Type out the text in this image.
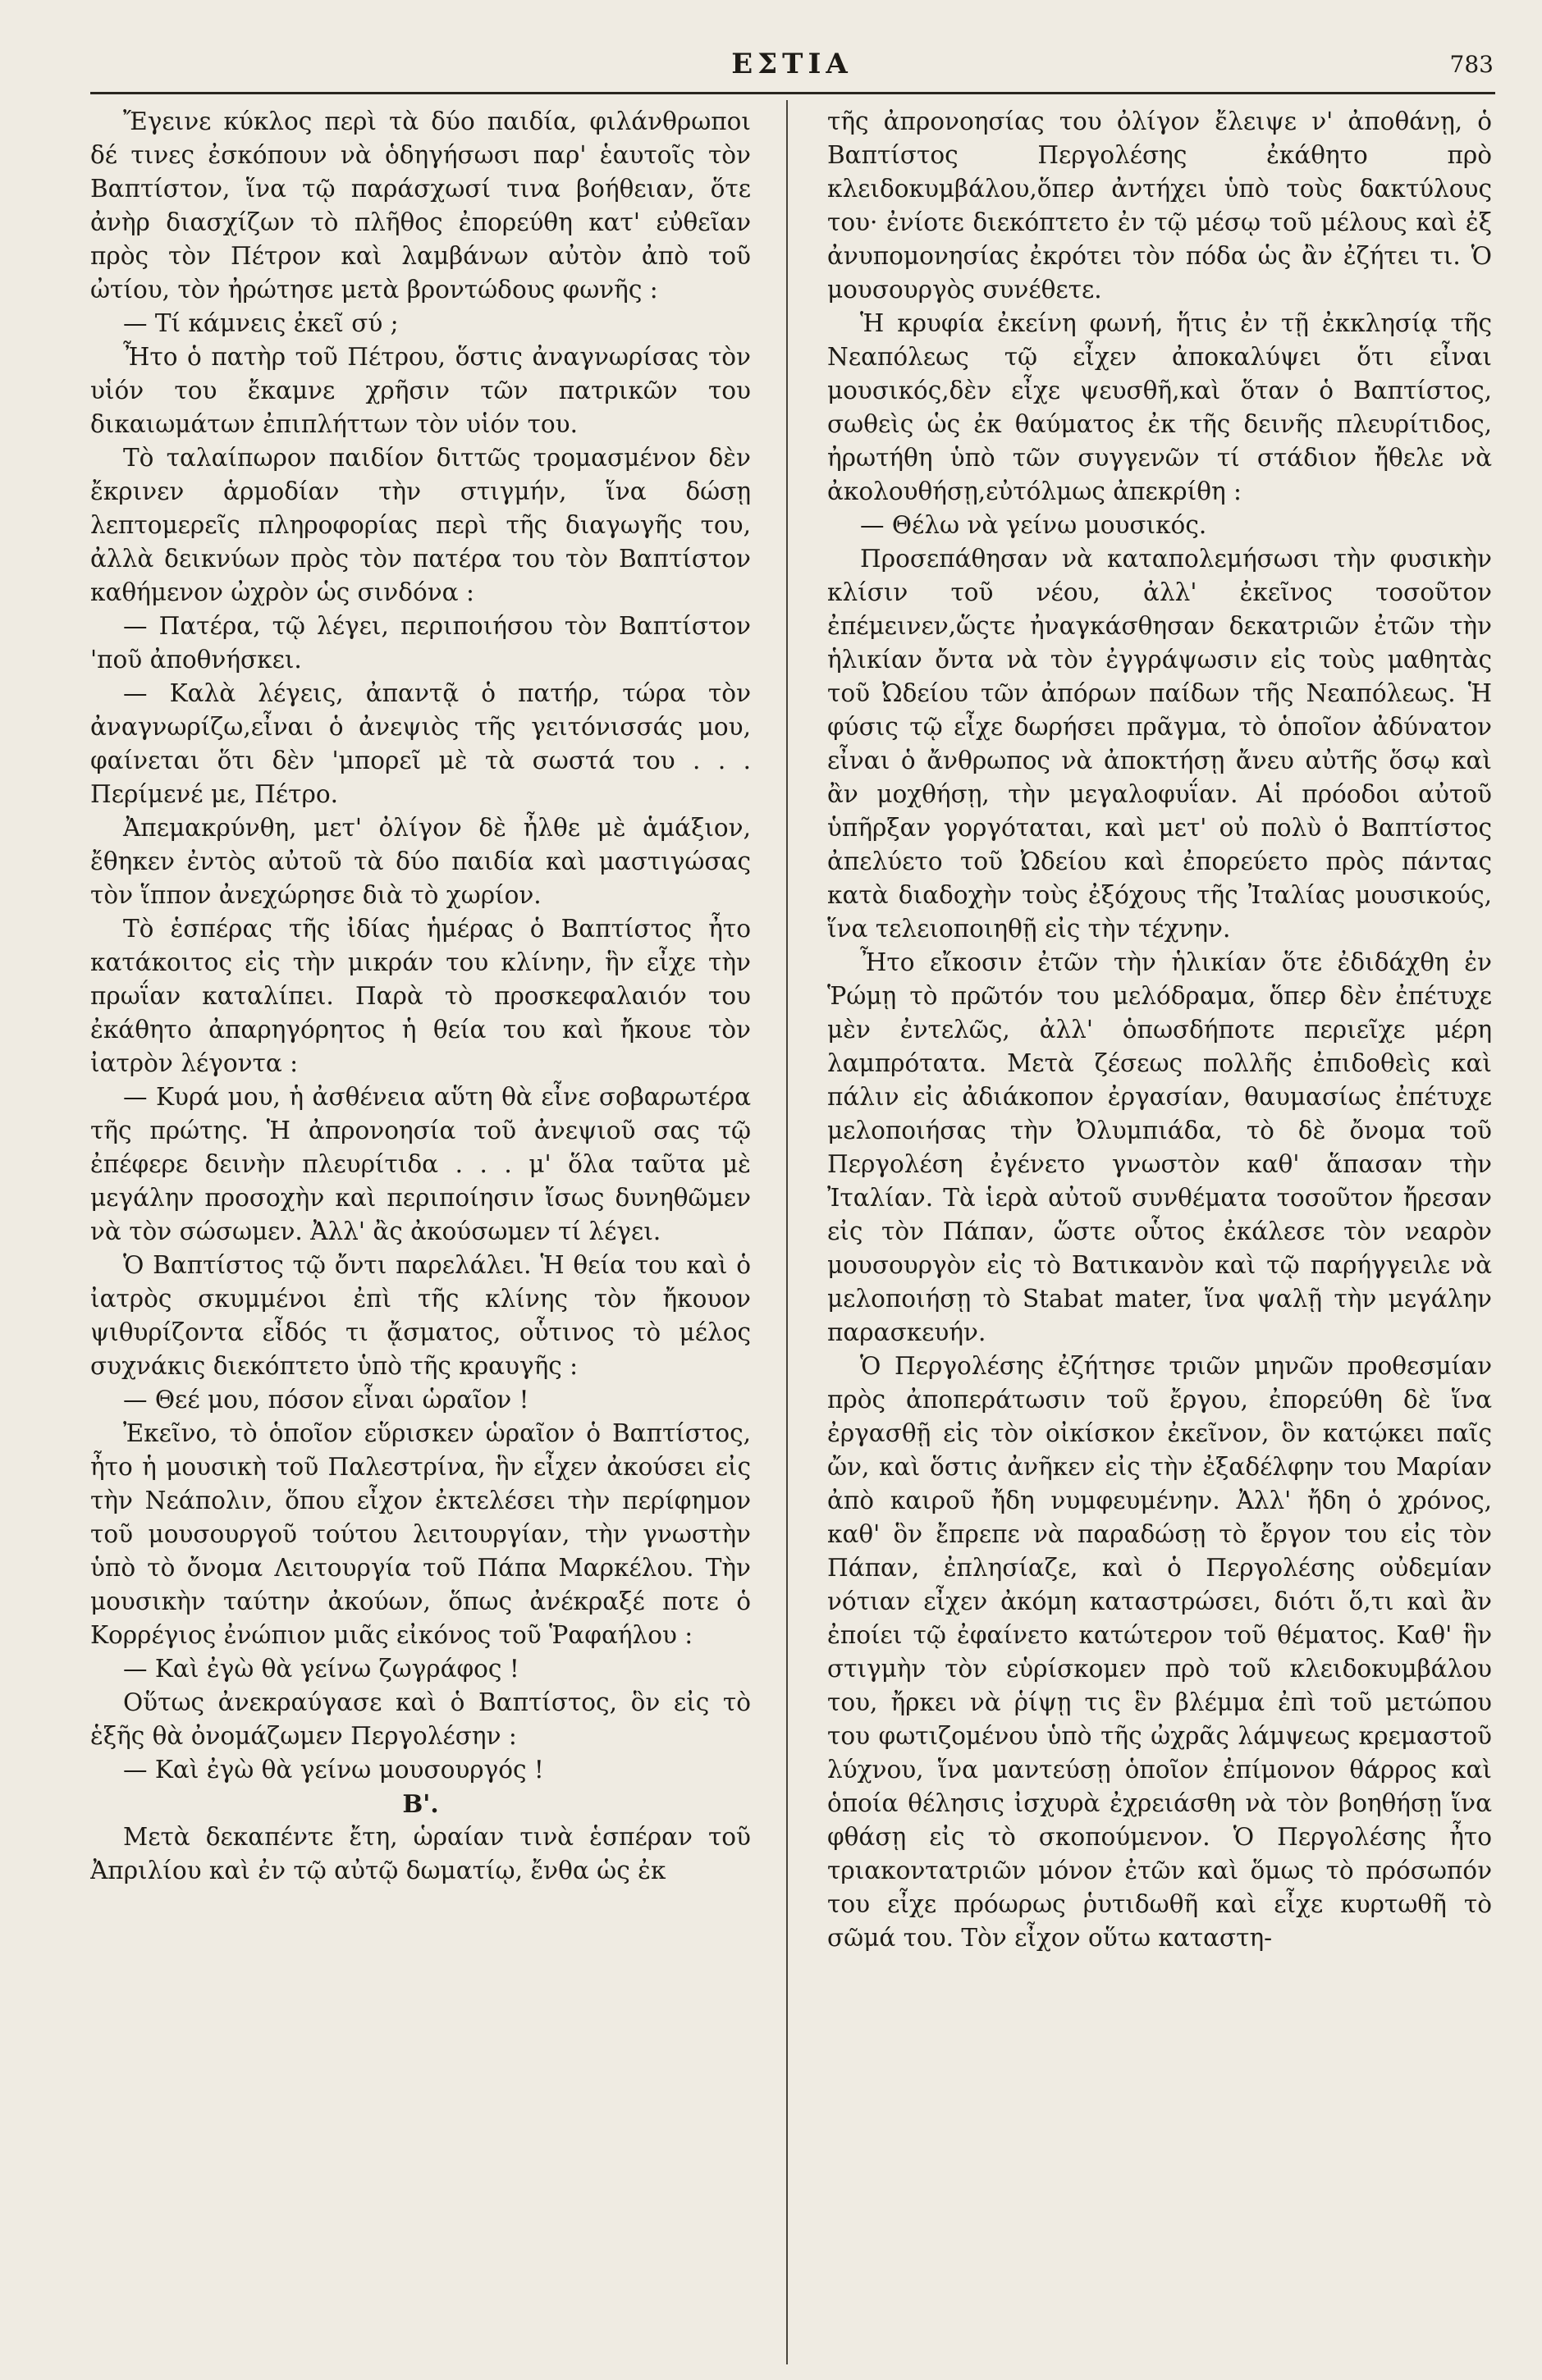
ΕΣΤΙΑ	783

Ἔγεινε κύκλος περὶ τὰ δύο παιδία, φιλάνθρωποι δέ τινες ἐσκόπουν νὰ ὁδηγήσωσι παρ' ἑαυτοῖς τὸν Βαπτίστον, ἵνα τῷ παράσχωσί τινα βοήθειαν, ὅτε ἀνὴρ διασχίζων τὸ πλῆθος ἐπορεύθη κατ' εὐθεῖαν πρὸς τὸν Πέτρον καὶ λαμβάνων αὐτὸν ἀπὸ τοῦ ὠτίου, τὸν ἠρώτησε μετὰ βροντώδους φωνῆς :

— Τί κάμνεις ἐκεῖ σύ ;

Ἦτο ὁ πατὴρ τοῦ Πέτρου, ὅστις ἀναγνωρίσας τὸν υἱόν του ἔκαμνε χρῆσιν τῶν πατρικῶν του δικαιωμάτων ἐπιπλήττων τὸν υἱόν του.

Τὸ ταλαίπωρον παιδίον διττῶς τρομασμένον δὲν ἔκρινεν ἁρμοδίαν τὴν στιγμήν, ἵνα δώσῃ λεπτομερεῖς πληροφορίας περὶ τῆς διαγωγῆς του, ἀλλὰ δεικνύων πρὸς τὸν πατέρα του τὸν Βαπτίστον καθήμενον ὠχρὸν ὡς σινδόνα :

— Πατέρα, τῷ λέγει, περιποιήσου τὸν Βαπτίστον 'ποῦ ἀποθνήσκει.

— Καλὰ λέγεις, ἀπαντᾷ ὁ πατήρ, τώρα τὸν ἀναγνωρίζω,εἶναι ὁ ἀνεψιὸς τῆς γειτόνισσάς μου, φαίνεται ὅτι δὲν 'μπορεῖ μὲ τὰ σωστά του . . . Περίμενέ με, Πέτρο.

Ἀπεμακρύνθη, μετ' ὀλίγον δὲ ἦλθε μὲ ἁμάξιον, ἔθηκεν ἐντὸς αὐτοῦ τὰ δύο παιδία καὶ μαστιγώσας τὸν ἵππον ἀνεχώρησε διὰ τὸ χωρίον.

Τὸ ἑσπέρας τῆς ἰδίας ἡμέρας ὁ Βαπτίστος ἦτο κατάκοιτος εἰς τὴν μικράν του κλίνην, ἣν εἶχε τὴν πρωΐαν καταλίπει. Παρὰ τὸ προσκεφαλαιόν του ἐκάθητο ἀπαρηγόρητος ἡ θεία του καὶ ἤκουε τὸν ἰατρὸν λέγοντα :

— Κυρά μου, ἡ ἀσθένεια αὕτη θὰ εἶνε σοβαρωτέρα τῆς πρώτης. Ἡ ἀπρονοησία τοῦ ἀνεψιοῦ σας τῷ ἐπέφερε δεινὴν πλευρίτιδα . . . μ' ὅλα ταῦτα μὲ μεγάλην προσοχὴν καὶ περιποίησιν ἴσως δυνηθῶμεν νὰ τὸν σώσωμεν. Ἀλλ' ἂς ἀκούσωμεν τί λέγει.

Ὁ Βαπτίστος τῷ ὄντι παρελάλει. Ἡ θεία του καὶ ὁ ἰατρὸς σκυμμένοι ἐπὶ τῆς κλίνης τὸν ἤκουον ψιθυρίζοντα εἶδός τι ᾄσματος, οὗτινος τὸ μέλος συχνάκις διεκόπτετο ὑπὸ τῆς κραυγῆς :

— Θεέ μου, πόσον εἶναι ὡραῖον !

Ἐκεῖνο, τὸ ὁποῖον εὕρισκεν ὡραῖον ὁ Βαπτίστος, ἦτο ἡ μουσικὴ τοῦ Παλεστρίνα, ἣν εἶχεν ἀκούσει εἰς τὴν Νεάπολιν, ὅπου εἶχον ἐκτελέσει τὴν περίφημον τοῦ μουσουργοῦ τούτου λειτουργίαν, τὴν γνωστὴν ὑπὸ τὸ ὄνομα Λειτουργία τοῦ Πάπα Μαρκέλου. Τὴν μουσικὴν ταύτην ἀκούων, ὅπως ἀνέκραξέ ποτε ὁ Κορρέγιος ἐνώπιον μιᾶς εἰκόνος τοῦ Ῥαφαήλου :

— Καὶ ἐγὼ θὰ γείνω ζωγράφος !

Οὕτως ἀνεκραύγασε καὶ ὁ Βαπτίστος, ὃν εἰς τὸ ἑξῆς θὰ ὀνομάζωμεν Περγολέσην :

— Καὶ ἐγὼ θὰ γείνω μουσουργός !

Β'.

Μετὰ δεκαπέντε ἔτη, ὡραίαν τινὰ ἑσπέραν τοῦ Ἀπριλίου καὶ ἐν τῷ αὐτῷ δωματίῳ, ἔνθα ὡς ἐκ

τῆς ἀπρονοησίας του ὀλίγον ἔλειψε ν' ἀποθάνῃ, ὁ Βαπτίστος Περγολέσης ἐκάθητο πρὸ κλειδοκυμβάλου,ὅπερ ἀντήχει ὑπὸ τοὺς δακτύλους του· ἐνίοτε διεκόπτετο ἐν τῷ μέσῳ τοῦ μέλους καὶ ἐξ ἀνυπομονησίας ἐκρότει τὸν πόδα ὡς ἂν ἐζήτει τι. Ὁ μουσουργὸς συνέθετε.

Ἡ κρυφία ἐκείνη φωνή, ἥτις ἐν τῇ ἐκκλησίᾳ τῆς Νεαπόλεως τῷ εἶχεν ἀποκαλύψει ὅτι εἶναι μουσικός,δὲν εἶχε ψευσθῆ,καὶ ὅταν ὁ Βαπτίστος, σωθεὶς ὡς ἐκ θαύματος ἐκ τῆς δεινῆς πλευρίτιδος, ἠρωτήθη ὑπὸ τῶν συγγενῶν τί στάδιον ἤθελε νὰ ἀκολουθήσῃ,εὐτόλμως ἀπεκρίθη :

— Θέλω νὰ γείνω μουσικός.

Προσεπάθησαν νὰ καταπολεμήσωσι τὴν φυσικὴν κλίσιν τοῦ νέου, ἀλλ' ἐκεῖνος τοσοῦτον ἐπέμεινεν,ὥςτε ἠναγκάσθησαν δεκατριῶν ἐτῶν τὴν ἡλικίαν ὄντα νὰ τὸν ἐγγράψωσιν εἰς τοὺς μαθητὰς τοῦ Ὠδείου τῶν ἀπόρων παίδων τῆς Νεαπόλεως. Ἡ φύσις τῷ εἶχε δωρήσει πρᾶγμα, τὸ ὁποῖον ἀδύνατον εἶναι ὁ ἄνθρωπος νὰ ἀποκτήσῃ ἄνευ αὐτῆς ὅσῳ καὶ ἂν μοχθήσῃ, τὴν μεγαλοφυΐαν. Αἱ πρόοδοι αὐτοῦ ὑπῆρξαν γοργόταται, καὶ μετ' οὐ πολὺ ὁ Βαπτίστος ἀπελύετο τοῦ Ὠδείου καὶ ἐπορεύετο πρὸς πάντας κατὰ διαδοχὴν τοὺς ἐξόχους τῆς Ἰταλίας μουσικούς, ἵνα τελειοποιηθῇ εἰς τὴν τέχνην.

Ἦτο εἴκοσιν ἐτῶν τὴν ἡλικίαν ὅτε ἐδιδάχθη ἐν Ῥώμῃ τὸ πρῶτόν του μελόδραμα, ὅπερ δὲν ἐπέτυχε μὲν ἐντελῶς, ἀλλ' ὁπωσδήποτε περιεῖχε μέρη λαμπρότατα. Μετὰ ζέσεως πολλῆς ἐπιδοθεὶς καὶ πάλιν εἰς ἀδιάκοπον ἐργασίαν, θαυμασίως ἐπέτυχε μελοποιήσας τὴν Ὀλυμπιάδα, τὸ δὲ ὄνομα τοῦ Περγολέση ἐγένετο γνωστὸν καθ' ἅπασαν τὴν Ἰταλίαν. Τὰ ἱερὰ αὐτοῦ συνθέματα τοσοῦτον ἤρεσαν εἰς τὸν Πάπαν, ὥστε οὗτος ἐκάλεσε τὸν νεαρὸν μουσουργὸν εἰς τὸ Βατικανὸν καὶ τῷ παρήγγειλε νὰ μελοποιήσῃ τὸ Stabat mater, ἵνα ψαλῇ τὴν μεγάλην παρασκευήν.

Ὁ Περγολέσης ἐζήτησε τριῶν μηνῶν προθεσμίαν πρὸς ἀποπεράτωσιν τοῦ ἔργου, ἐπορεύθη δὲ ἵνα ἐργασθῇ εἰς τὸν οἰκίσκον ἐκεῖνον, ὃν κατῴκει παῖς ὤν, καὶ ὅστις ἀνῆκεν εἰς τὴν ἐξαδέλφην του Μαρίαν ἀπὸ καιροῦ ἤδη νυμφευμένην. Ἀλλ' ἤδη ὁ χρόνος, καθ' ὃν ἔπρεπε νὰ παραδώσῃ τὸ ἔργον του εἰς τὸν Πάπαν, ἐπλησίαζε, καὶ ὁ Περγολέσης οὐδεμίαν νότιαν εἶχεν ἀκόμη καταστρώσει, διότι ὅ,τι καὶ ἂν ἐποίει τῷ ἐφαίνετο κατώτερον τοῦ θέματος. Καθ' ἣν στιγμὴν τὸν εὑρίσκομεν πρὸ τοῦ κλειδοκυμβάλου του, ἤρκει νὰ ῥίψῃ τις ἓν βλέμμα ἐπὶ τοῦ μετώπου του φωτιζομένου ὑπὸ τῆς ὠχρᾶς λάμψεως κρεμαστοῦ λύχνου, ἵνα μαντεύσῃ ὁποῖον ἐπίμονον θάρρος καὶ ὁποία θέλησις ἰσχυρὰ ἐχρειάσθη νὰ τὸν βοηθήσῃ ἵνα φθάσῃ εἰς τὸ σκοπούμενον. Ὁ Περγολέσης ἦτο τριακοντατριῶν μόνον ἐτῶν καὶ ὅμως τὸ πρόσωπόν του εἶχε πρόωρως ῥυτιδωθῆ καὶ εἶχε κυρτωθῆ τὸ σῶμά του. Τὸν εἶχον οὕτω καταστη-
